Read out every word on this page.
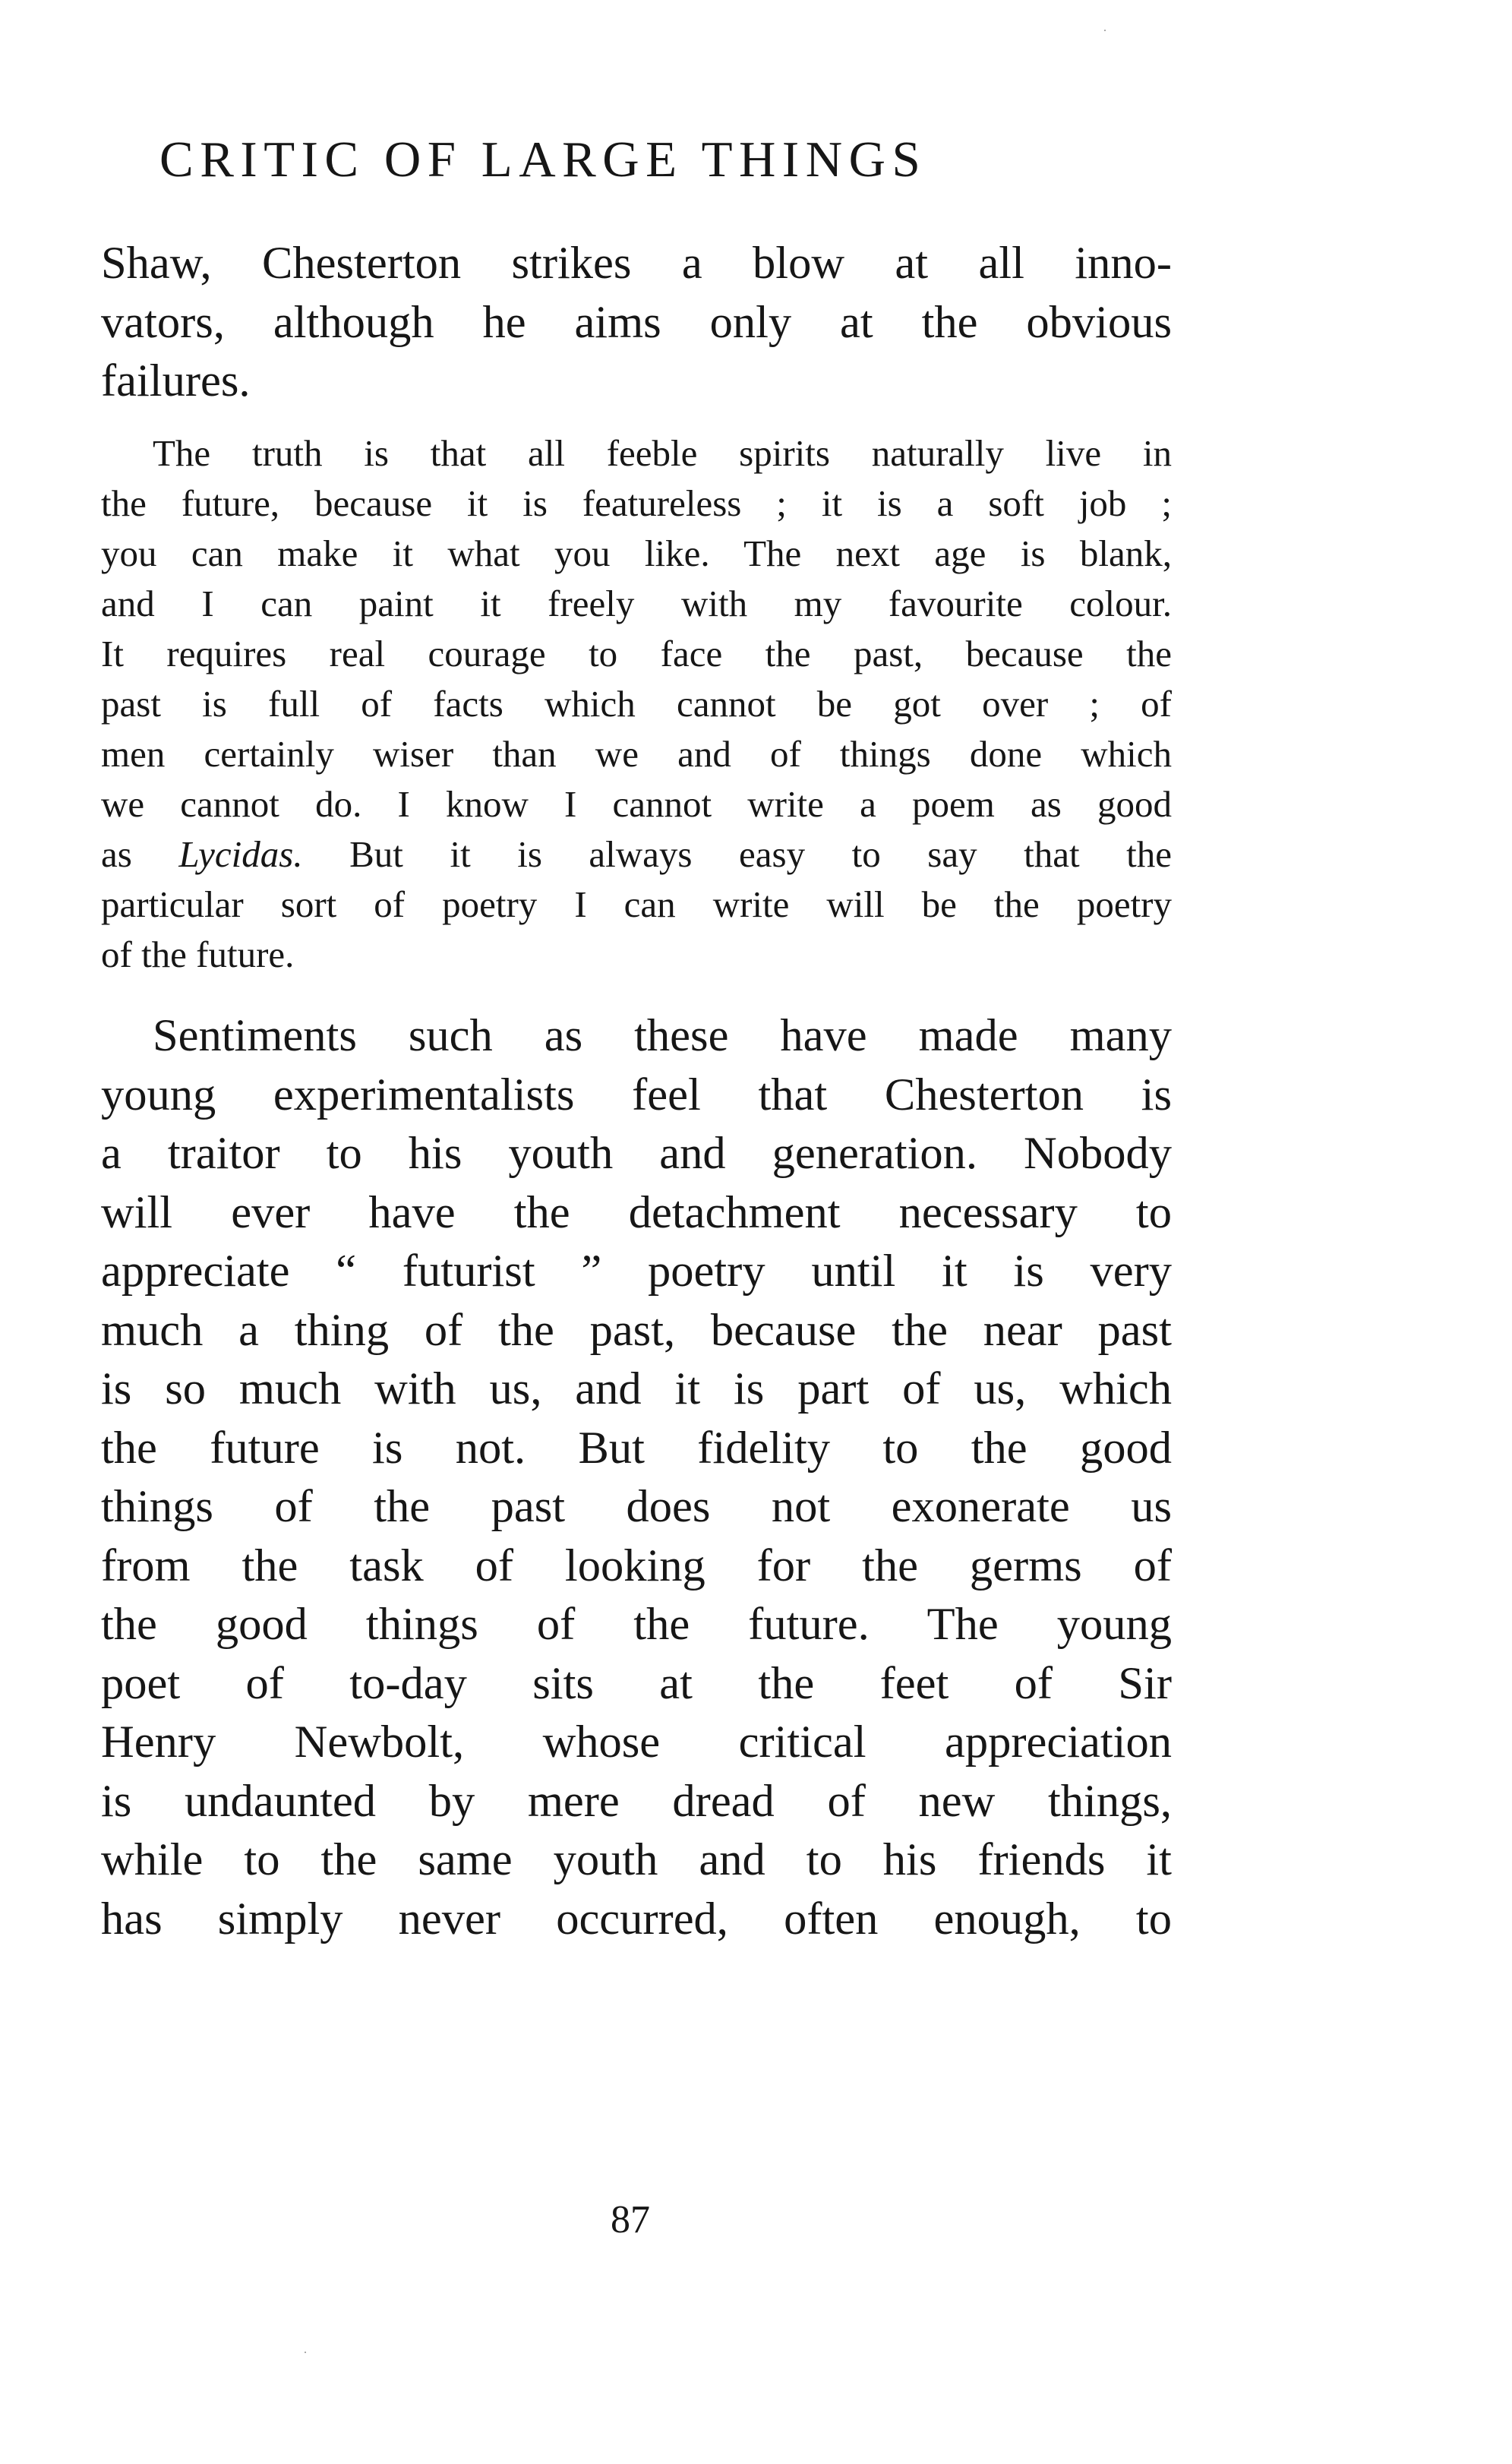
CRITIC OF LARGE THINGS
Shaw, Chesterton strikes a blow at all inno-
vators, although he aims only at the obvious
failures.
The truth is that all feeble spirits naturally live in
the future, because it is featureless ; it is a soft job ;
you can make it what you like. The next age is blank,
and I can paint it freely with my favourite colour.
It requires real courage to face the past, because the
past is full of facts which cannot be got over ; of
men certainly wiser than we and of things done which
we cannot do. I know I cannot write a poem as good
as Lycidas. But it is always easy to say that the
particular sort of poetry I can write will be the poetry
of the future.
Sentiments such as these have made many
young experimentalists feel that Chesterton is
a traitor to his youth and generation. Nobody
will ever have the detachment necessary to
appreciate “ futurist ” poetry until it is very
much a thing of the past, because the near past
is so much with us, and it is part of us, which
the future is not. But fidelity to the good
things of the past does not exonerate us
from the task of looking for the germs of
the good things of the future. The young
poet of to-day sits at the feet of Sir
Henry Newbolt, whose critical appreciation
is undaunted by mere dread of new things,
while to the same youth and to his friends it
has simply never occurred, often enough, to
87
